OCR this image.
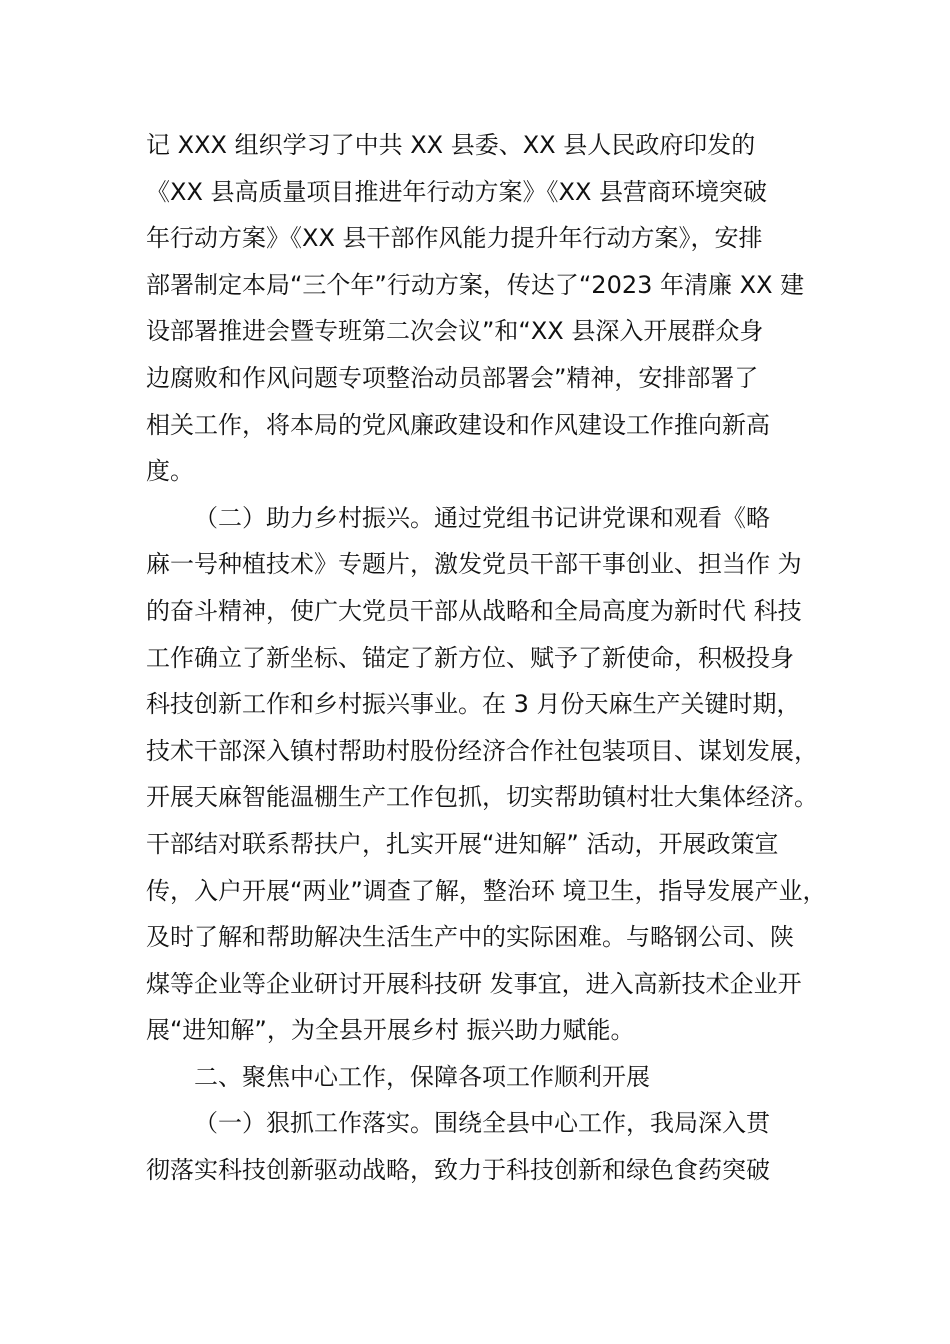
记 XXX 组织学习了中共 XX 县委、XX 县人民政府印发的
《XX 县高质量项目推进年行动方案》《XX 县营商环境突破
年行动方案》《XX 县干部作风能力提升年行动方案》，安排
部署制定本局“三个年”行动方案，传达了“2023 年清廉 XX 建
设部署推进会暨专班第二次会议”和“XX 县深入开展群众身
边腐败和作风问题专项整治动员部署会”精神，安排部署了
相关工作，将本局的党风廉政建设和作风建设工作推向新高
度。
（二）助力乡村振兴。通过党组书记讲党课和观看《略
麻一号种植技术》专题片，激发党员干部干事创业、担当作 为
的奋斗精神，使广大党员干部从战略和全局高度为新时代 科技
工作确立了新坐标、锚定了新方位、赋予了新使命，积极投身
科技创新工作和乡村振兴事业。在 3 月份天麻生产关键时期，
技术干部深入镇村帮助村股份经济合作社包装项目、谋划发展，
开展天麻智能温棚生产工作包抓，切实帮助镇村壮大集体经济。
干部结对联系帮扶户，扎实开展“进知解” 活动，开展政策宣
传，入户开展“两业”调查了解，整治环 境卫生，指导发展产业，
及时了解和帮助解决生活生产中的实际困难。与略钢公司、陕
煤等企业等企业研讨开展科技研 发事宜，进入高新技术企业开
展“进知解”，为全县开展乡村 振兴助力赋能。
二、聚焦中心工作，保障各项工作顺利开展
（一）狠抓工作落实。围绕全县中心工作，我局深入贯
彻落实科技创新驱动战略，致力于科技创新和绿色食药突破
